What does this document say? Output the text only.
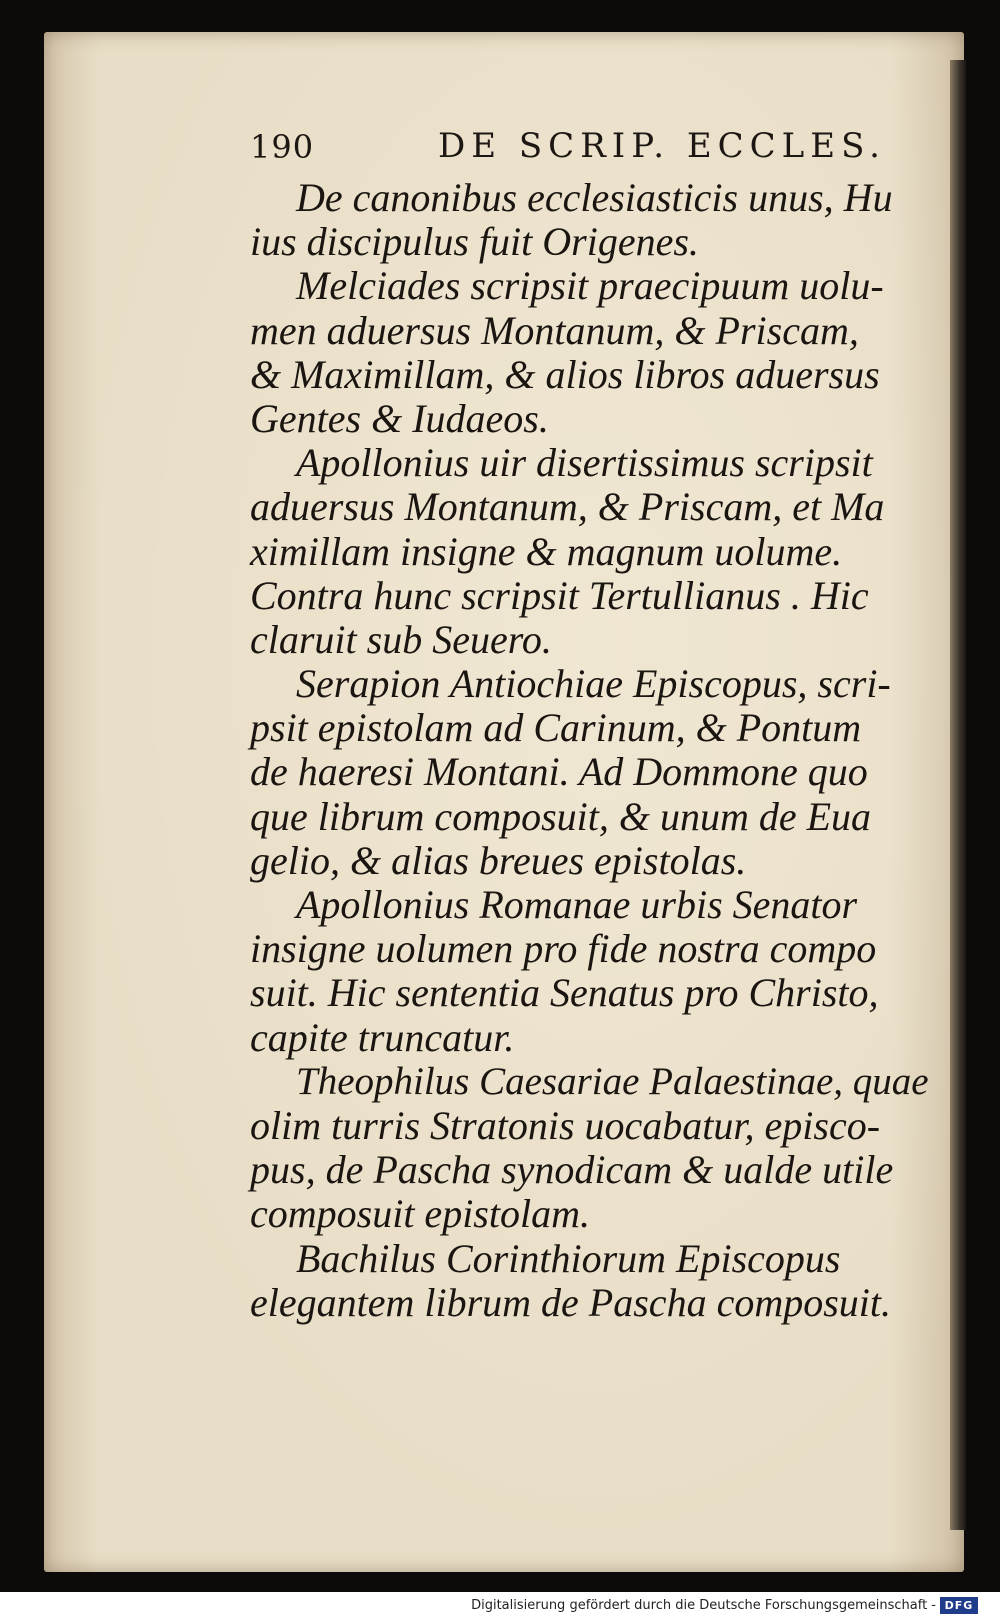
190	DE SCRIP. ECCLES.
De canonibus ecclesiasticis unus, Hu
ius discipulus fuit Origenes.
Melciades scripsit praecipuum uolu-
men aduersus Montanum, & Priscam,
& Maximillam, & alios libros aduersus
Gentes & Iudaeos.
Apollonius uir disertissimus scripsit
aduersus Montanum, & Priscam, et Ma
ximillam insigne & magnum uolume.
Contra hunc scripsit Tertullianus . Hic
claruit sub Seuero.
Serapion Antiochiae Episcopus, scri-
psit epistolam ad Carinum, & Pontum
de haeresi Montani. Ad Dommone quo
que librum composuit, & unum de Eua
gelio, & alias breues epistolas.
Apollonius Romanae urbis Senator
insigne uolumen pro fide nostra compo
suit. Hic sententia Senatus pro Christo,
capite truncatur.
Theophilus Caesariae Palaestinae, quae
olim turris Stratonis uocabatur, episco-
pus, de Pascha synodicam & ualde utile
composuit epistolam.
Bachilus Corinthiorum Episcopus
elegantem librum de Pascha composuit.
Digitalisierung gefördert durch die Deutsche Forschungsgemeinschaft - DFG
